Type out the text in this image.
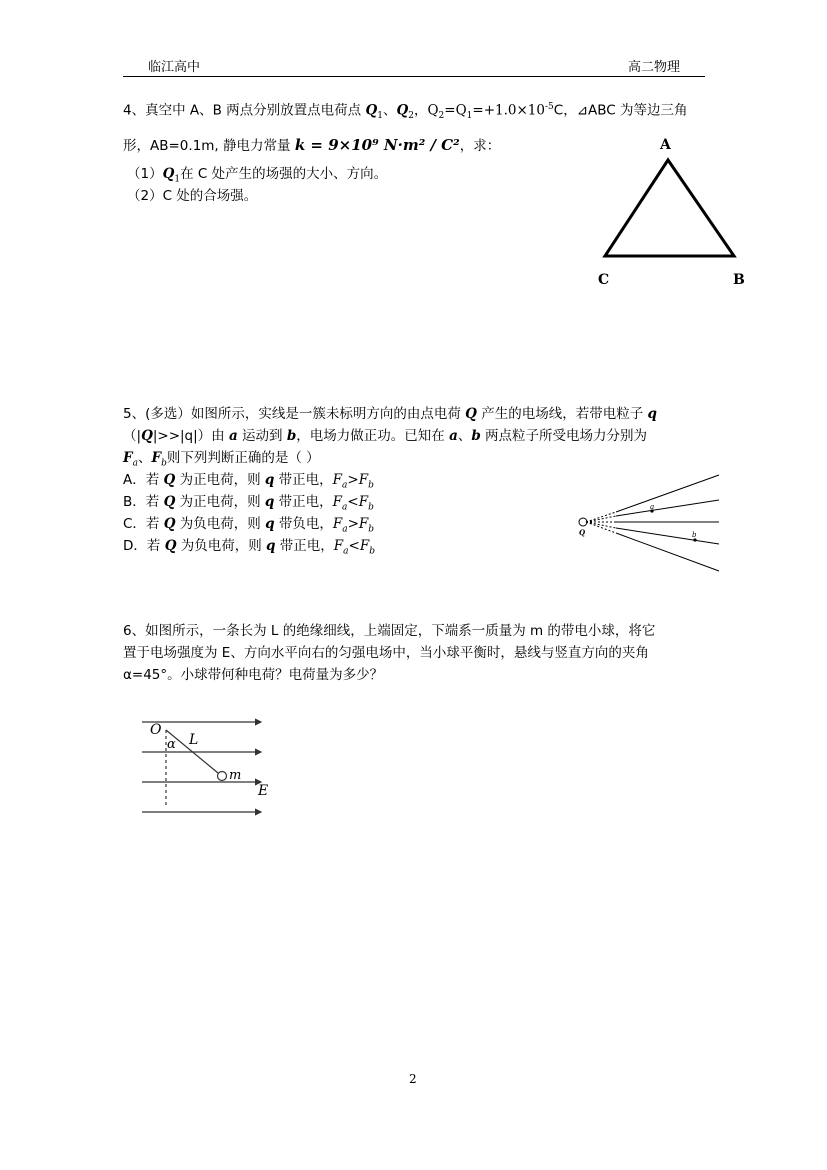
临江高中	高二物理
4、真空中 A、B 两点分别放置点电荷点 $Q_1$、$Q_2$，$Q_2=Q_1=+1.0\times 10^{-5}C$，⊿ABC 为等边三角
形，AB=0.1m, 静电力常量 k = 9×10⁹ N·m² / C²，求：
$(1)Q_1$在 C 处产生的场强的大小、方向。
（2）C 处的合场强。
A
C	B
5、(多选）如图所示，实线是一簇未标明方向的由点电荷 Q 产生的电场线，若带电粒子 q
（|Q|>>|q|）由 a 运动到 b，电场力做正功。已知在 a、b 两点粒子所受电场力分别为
$F_a$、$F_b$则下列判断正确的是（ ）
A．若 Q 为正电荷，则 q 带正电，$F_a>F_b$
B．若 Q 为正电荷，则 q 带正电，$F_a<F_b$
C．若 Q 为负电荷，则 q 带负电，$F_a>F_b$
D．若 Q 为负电荷，则 q 带正电，$F_a<F_b$
a
b
Q
6、如图所示，一条长为 L 的绝缘细线，上端固定，下端系一质量为 m 的带电小球，将它
置于电场强度为 E、方向水平向右的匀强电场中，当小球平衡时，悬线与竖直方向的夹角
α=45°。小球带何种电荷？电荷量为多少？
O
α L
m
E
2
